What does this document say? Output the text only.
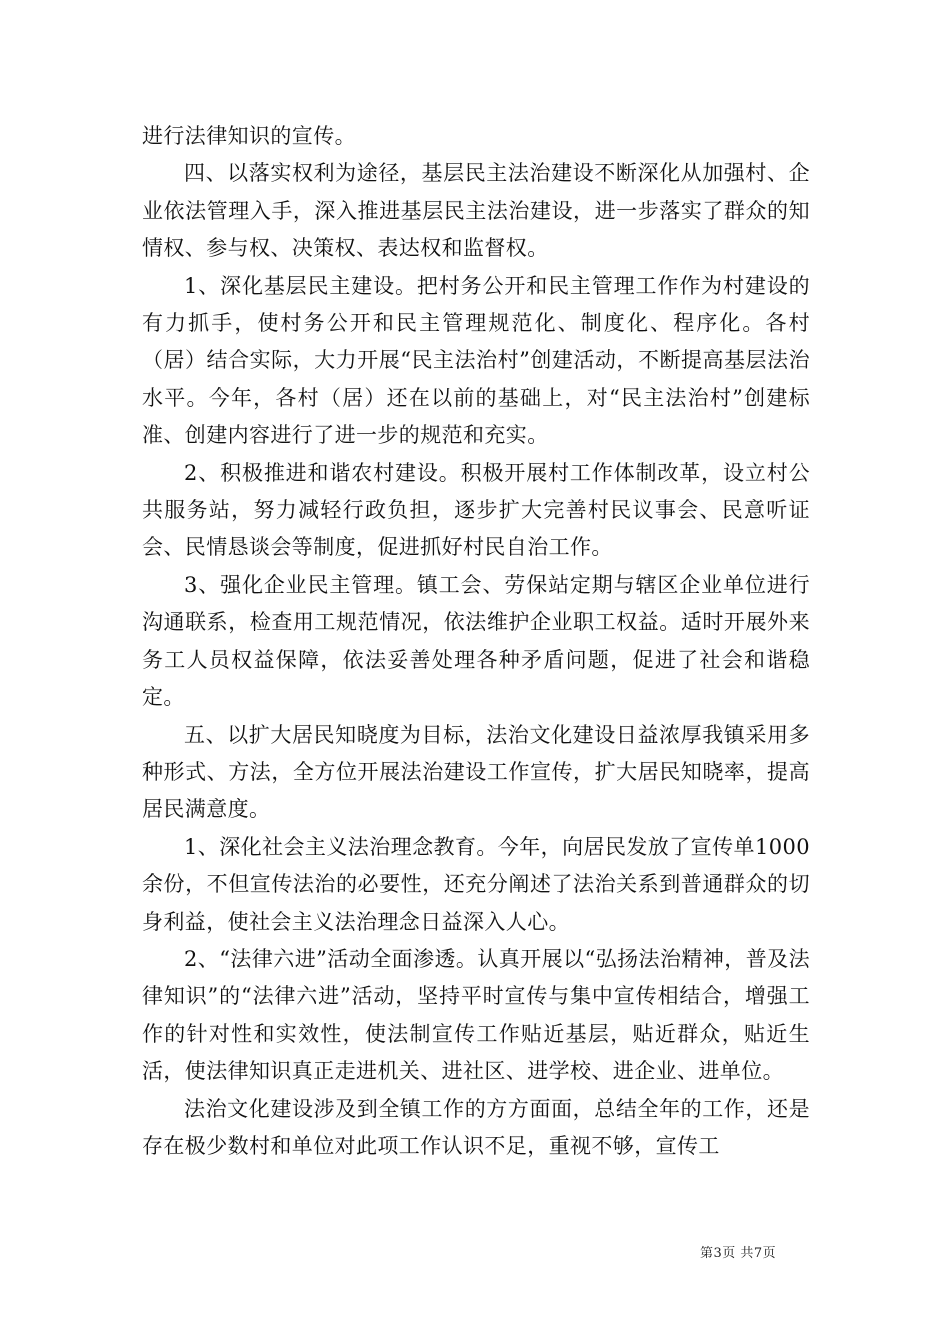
进行法律知识的宣传。

四、以落实权利为途径，基层民主法治建设不断深化从加强村、企业依法管理入手，深入推进基层民主法治建设，进一步落实了群众的知情权、参与权、决策权、表达权和监督权。

1、深化基层民主建设。把村务公开和民主管理工作作为村建设的有力抓手，使村务公开和民主管理规范化、制度化、程序化。各村（居）结合实际，大力开展“民主法治村”创建活动，不断提高基层法治水平。今年，各村（居）还在以前的基础上，对“民主法治村”创建标准、创建内容进行了进一步的规范和充实。

2、积极推进和谐农村建设。积极开展村工作体制改革，设立村公共服务站，努力减轻行政负担，逐步扩大完善村民议事会、民意听证会、民情恳谈会等制度，促进抓好村民自治工作。

3、强化企业民主管理。镇工会、劳保站定期与辖区企业单位进行沟通联系，检查用工规范情况，依法维护企业职工权益。适时开展外来务工人员权益保障，依法妥善处理各种矛盾问题，促进了社会和谐稳定。

五、以扩大居民知晓度为目标，法治文化建设日益浓厚我镇采用多种形式、方法，全方位开展法治建设工作宣传，扩大居民知晓率，提高居民满意度。

1、深化社会主义法治理念教育。今年，向居民发放了宣传单1000余份，不但宣传法治的必要性，还充分阐述了法治关系到普通群众的切身利益，使社会主义法治理念日益深入人心。

2、“法律六进”活动全面渗透。认真开展以“弘扬法治精神，普及法律知识”的“法律六进”活动，坚持平时宣传与集中宣传相结合，增强工作的针对性和实效性，使法制宣传工作贴近基层，贴近群众，贴近生活，使法律知识真正走进机关、进社区、进学校、进企业、进单位。

法治文化建设涉及到全镇工作的方方面面，总结全年的工作，还是存在极少数村和单位对此项工作认识不足，重视不够，宣传工

第3页 共7页
